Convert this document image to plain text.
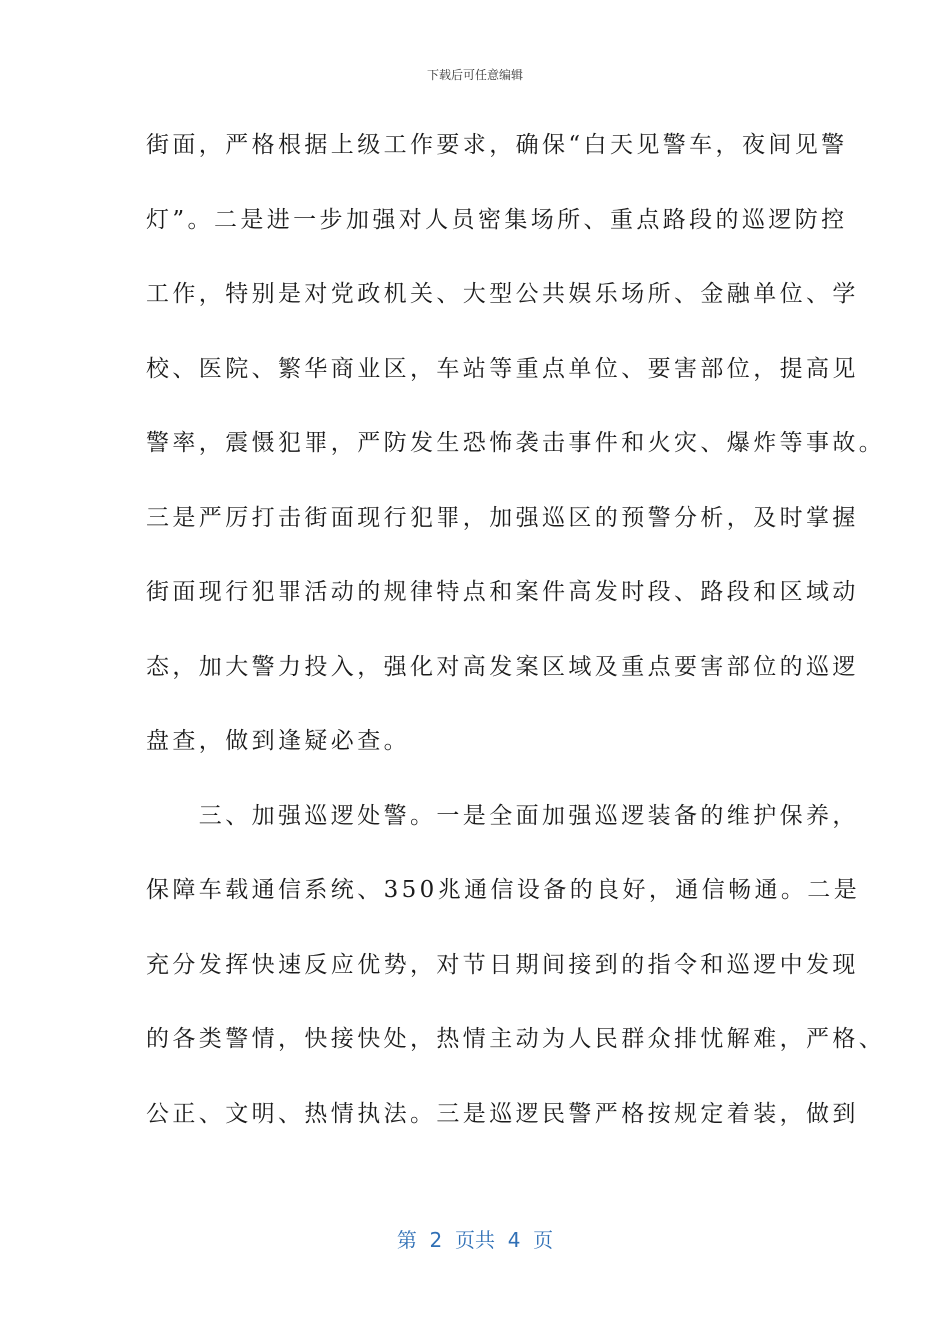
下载后可任意编辑
街面，严格根据上级工作要求，确保“白天见警车，夜间见警
灯”。二是进一步加强对人员密集场所、重点路段的巡逻防控
工作，特别是对党政机关、大型公共娱乐场所、金融单位、学
校、医院、繁华商业区，车站等重点单位、要害部位，提高见
警率，震慑犯罪，严防发生恐怖袭击事件和火灾、爆炸等事故。
三是严厉打击街面现行犯罪，加强巡区的预警分析，及时掌握
街面现行犯罪活动的规律特点和案件高发时段、路段和区域动
态，加大警力投入，强化对高发案区域及重点要害部位的巡逻
盘查，做到逢疑必查。
　　三、加强巡逻处警。一是全面加强巡逻装备的维护保养，
保障车载通信系统、350兆通信设备的良好，通信畅通。二是
充分发挥快速反应优势，对节日期间接到的指令和巡逻中发现
的各类警情，快接快处，热情主动为人民群众排忧解难，严格、
公正、文明、热情执法。三是巡逻民警严格按规定着装，做到
第  2  页共  4  页
